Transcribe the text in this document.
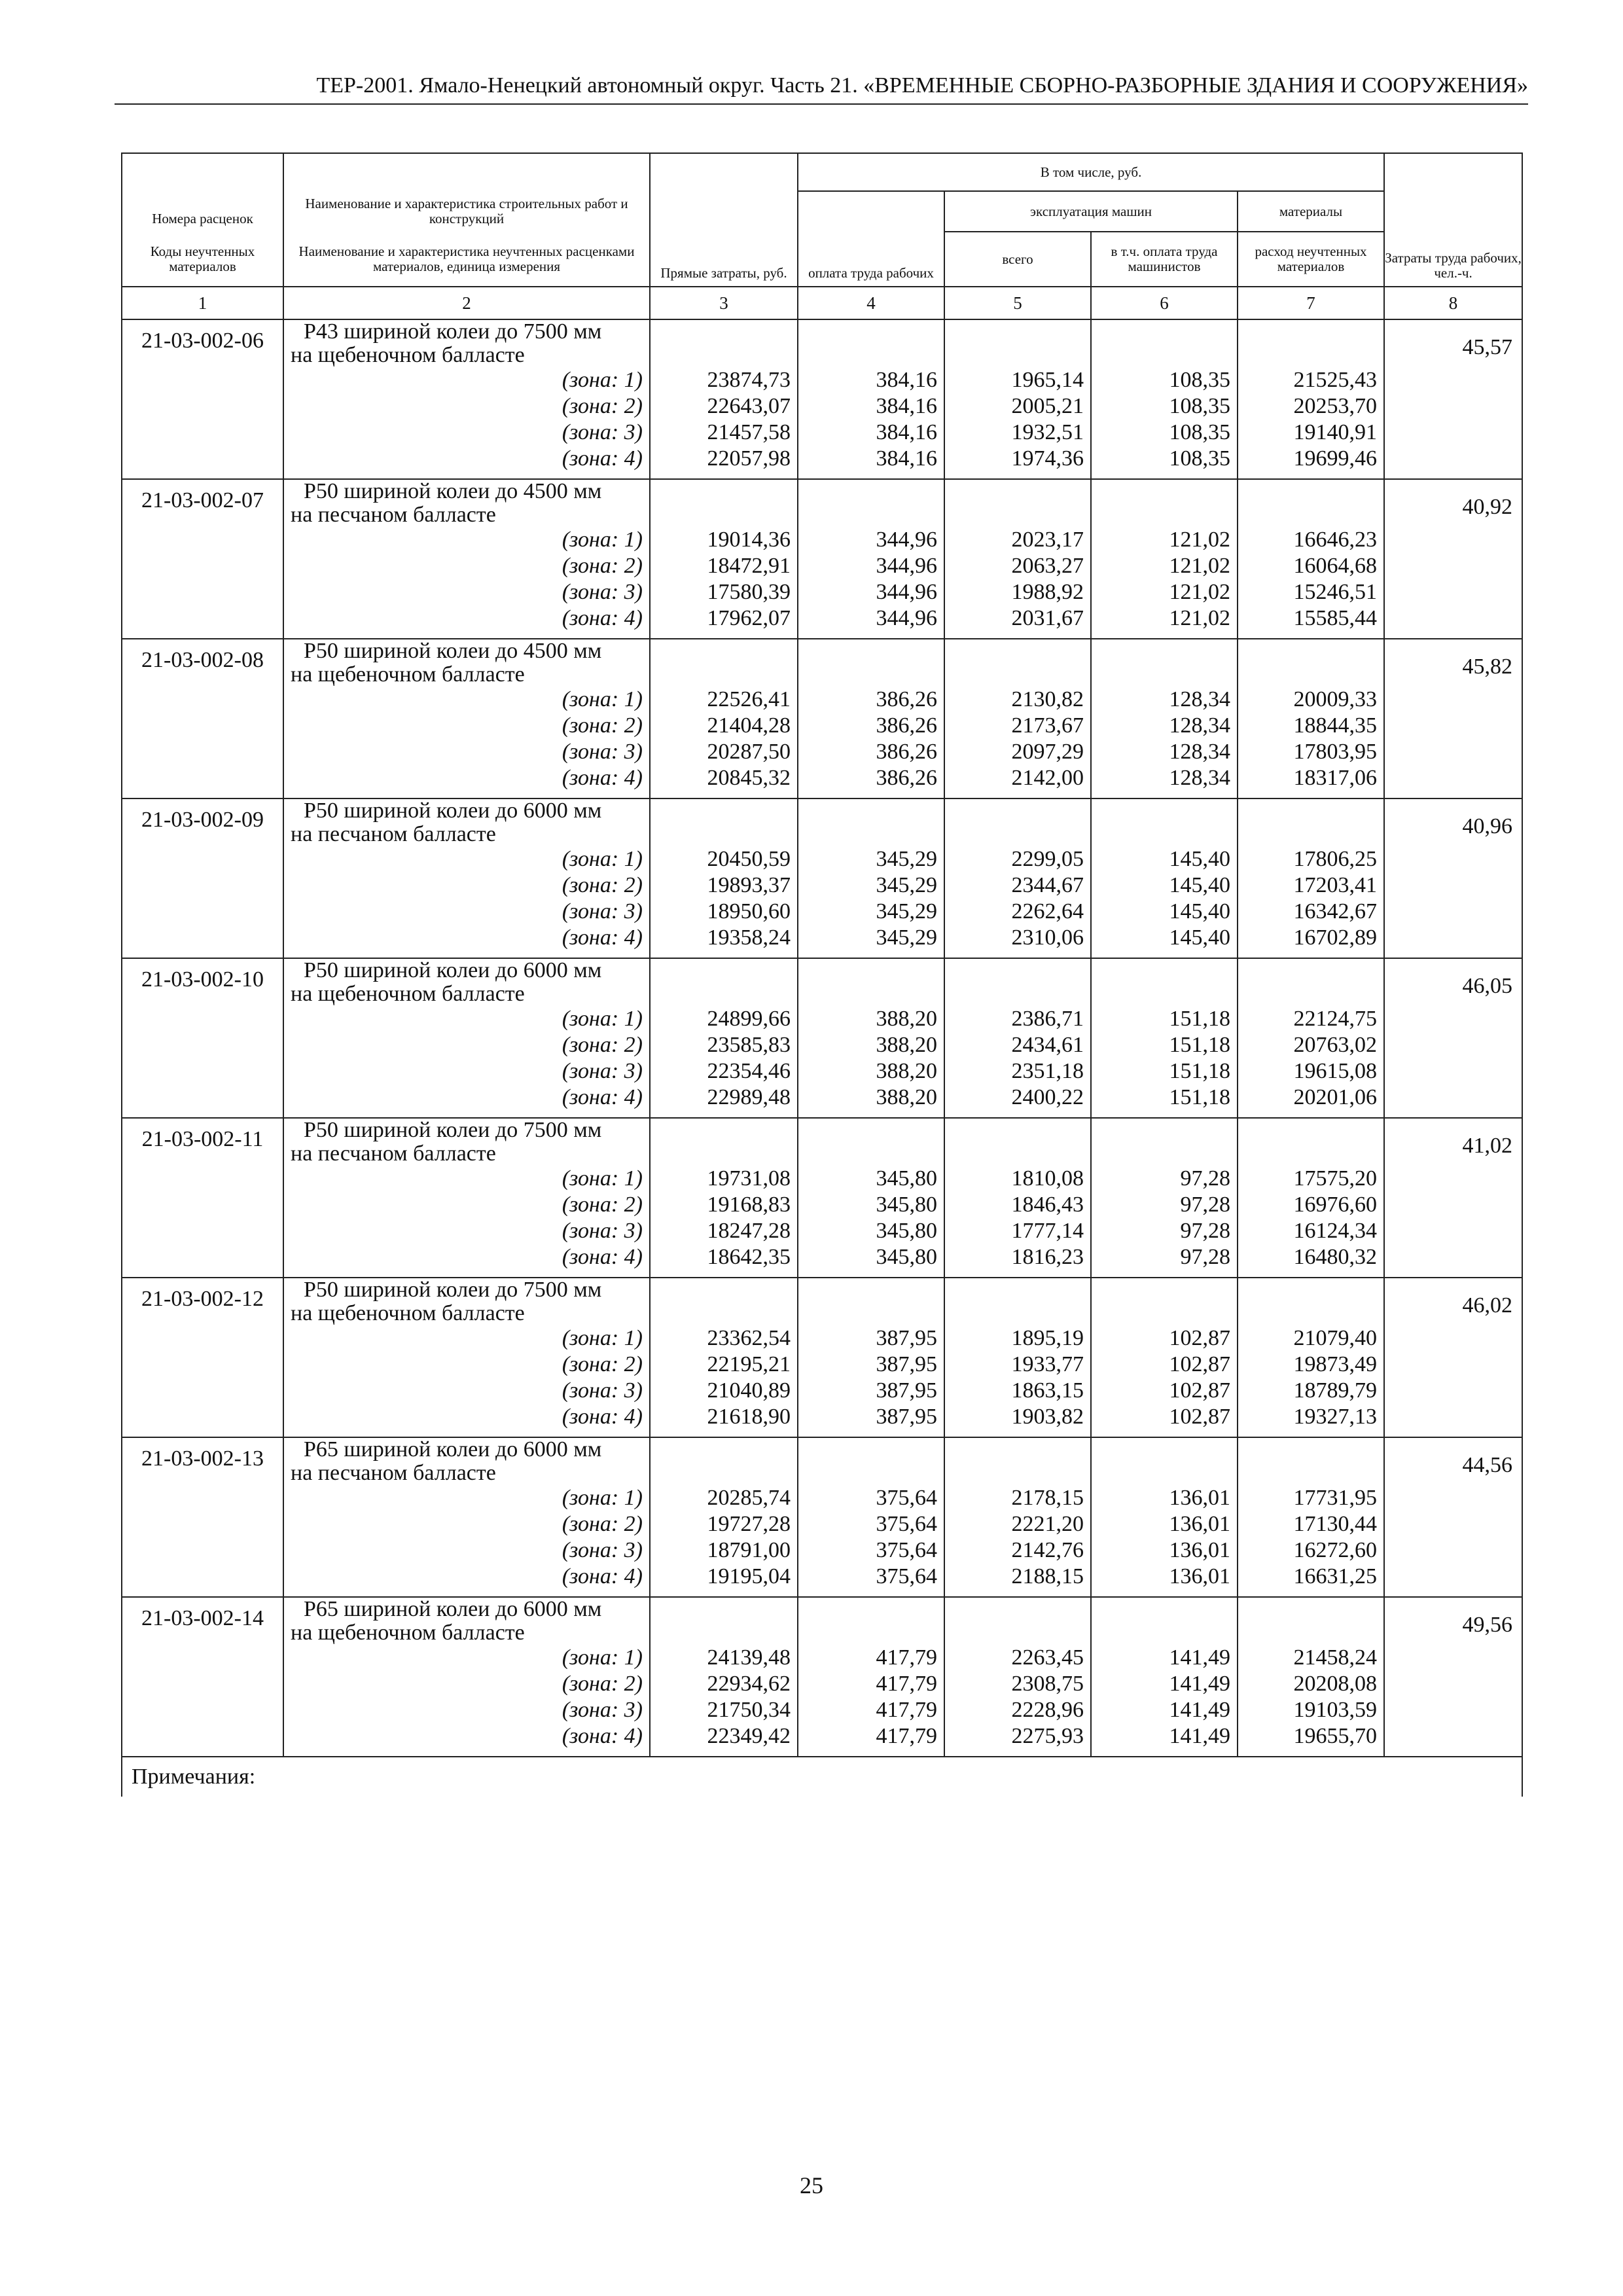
ТЕР-2001. Ямало-Ненецкий автономный округ. Часть 21. «ВРЕМЕННЫЕ СБОРНО-РАЗБОРНЫЕ ЗДАНИЯ И СООРУЖЕНИЯ»
Номера расценок	Наименование и характеристика строительных работ и конструкций	Прямые затраты, руб.	В том числе, руб.				Затраты труда рабочих, чел.-ч.
			оплата труда рабочих	эксплуатация машин		материалы	
Коды неучтенных материалов	Наименование и характеристика неучтенных расценками материалов, единица измерения			всего	в т.ч. оплата труда машинистов	расход неучтенных материалов	
1	2	3	4	5	6	7	8
21-03-002-06	Р43 шириной колеи до 7500 мм
на щебеночном балласте						45,57
	(зона: 1)	23874,73	384,16	1965,14	108,35	21525,43	
	(зона: 2)	22643,07	384,16	2005,21	108,35	20253,70	
	(зона: 3)	21457,58	384,16	1932,51	108,35	19140,91	
	(зона: 4)	22057,98	384,16	1974,36	108,35	19699,46	
21-03-002-07	Р50 шириной колеи до 4500 мм
на песчаном балласте						40,92
	(зона: 1)	19014,36	344,96	2023,17	121,02	16646,23	
	(зона: 2)	18472,91	344,96	2063,27	121,02	16064,68	
	(зона: 3)	17580,39	344,96	1988,92	121,02	15246,51	
	(зона: 4)	17962,07	344,96	2031,67	121,02	15585,44	
21-03-002-08	Р50 шириной колеи до 4500 мм
на щебеночном балласте						45,82
	(зона: 1)	22526,41	386,26	2130,82	128,34	20009,33	
	(зона: 2)	21404,28	386,26	2173,67	128,34	18844,35	
	(зона: 3)	20287,50	386,26	2097,29	128,34	17803,95	
	(зона: 4)	20845,32	386,26	2142,00	128,34	18317,06	
21-03-002-09	Р50 шириной колеи до 6000 мм
на песчаном балласте						40,96
	(зона: 1)	20450,59	345,29	2299,05	145,40	17806,25	
	(зона: 2)	19893,37	345,29	2344,67	145,40	17203,41	
	(зона: 3)	18950,60	345,29	2262,64	145,40	16342,67	
	(зона: 4)	19358,24	345,29	2310,06	145,40	16702,89	
21-03-002-10	Р50 шириной колеи до 6000 мм
на щебеночном балласте						46,05
	(зона: 1)	24899,66	388,20	2386,71	151,18	22124,75	
	(зона: 2)	23585,83	388,20	2434,61	151,18	20763,02	
	(зона: 3)	22354,46	388,20	2351,18	151,18	19615,08	
	(зона: 4)	22989,48	388,20	2400,22	151,18	20201,06	
21-03-002-11	Р50 шириной колеи до 7500 мм
на песчаном балласте						41,02
	(зона: 1)	19731,08	345,80	1810,08	97,28	17575,20	
	(зона: 2)	19168,83	345,80	1846,43	97,28	16976,60	
	(зона: 3)	18247,28	345,80	1777,14	97,28	16124,34	
	(зона: 4)	18642,35	345,80	1816,23	97,28	16480,32	
21-03-002-12	Р50 шириной колеи до 7500 мм
на щебеночном балласте						46,02
	(зона: 1)	23362,54	387,95	1895,19	102,87	21079,40	
	(зона: 2)	22195,21	387,95	1933,77	102,87	19873,49	
	(зона: 3)	21040,89	387,95	1863,15	102,87	18789,79	
	(зона: 4)	21618,90	387,95	1903,82	102,87	19327,13	
21-03-002-13	Р65 шириной колеи до 6000 мм
на песчаном балласте						44,56
	(зона: 1)	20285,74	375,64	2178,15	136,01	17731,95	
	(зона: 2)	19727,28	375,64	2221,20	136,01	17130,44	
	(зона: 3)	18791,00	375,64	2142,76	136,01	16272,60	
	(зона: 4)	19195,04	375,64	2188,15	136,01	16631,25	
21-03-002-14	Р65 шириной колеи до 6000 мм
на щебеночном балласте						49,56
	(зона: 1)	24139,48	417,79	2263,45	141,49	21458,24	
	(зона: 2)	22934,62	417,79	2308,75	141,49	20208,08	
	(зона: 3)	21750,34	417,79	2228,96	141,49	19103,59	
	(зона: 4)	22349,42	417,79	2275,93	141,49	19655,70	
Примечания:							
25
